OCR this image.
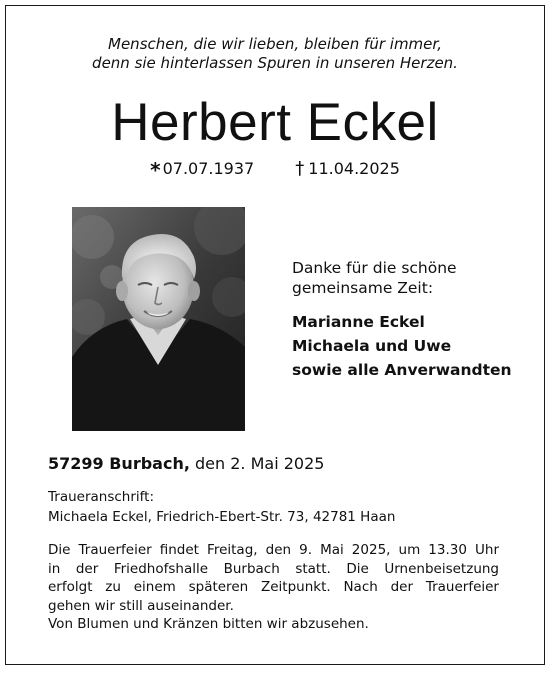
Menschen, die wir lieben, bleiben für immer,
denn sie hinterlassen Spuren in unseren Herzen.
Herbert Eckel
* 07.07.1937 † 11.04.2025
Danke für die schöne
gemeinsame Zeit:
Marianne Eckel
Michaela und Uwe
sowie alle Anverwandten
57299 Burbach, den 2. Mai 2025
Traueranschrift:
Michaela Eckel, Friedrich-Ebert-Str. 73, 42781 Haan
Die Trauerfeier findet Freitag, den 9. Mai 2025, um 13.30 Uhr
in der Friedhofshalle Burbach statt. Die Urnenbeisetzung
erfolgt zu einem späteren Zeitpunkt. Nach der Trauerfeier
gehen wir still auseinander.
Von Blumen und Kränzen bitten wir abzusehen.
